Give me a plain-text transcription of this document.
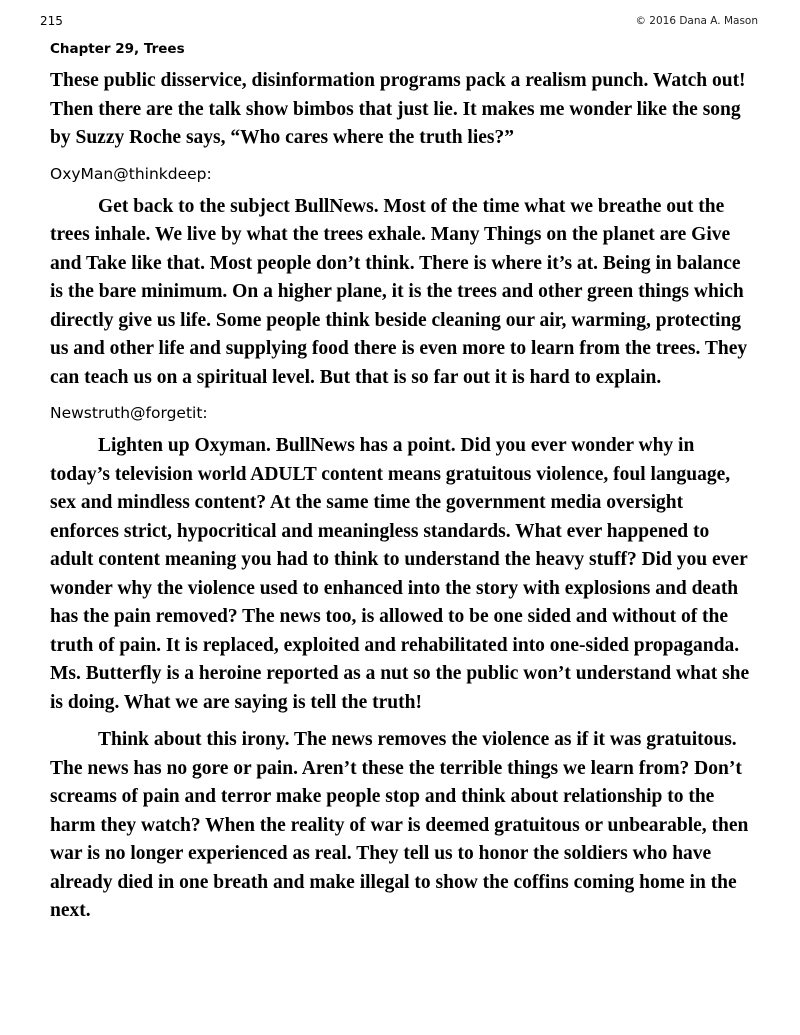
215	© 2016 Dana A. Mason
Chapter 29, Trees

These public disservice, disinformation programs pack a realism punch. Watch out! Then there are the talk show bimbos that just lie. It makes me wonder like the song by Suzzy Roche says, “Who cares where the truth lies?”

OxyMan@thinkdeep:

Get back to the subject BullNews. Most of the time what we breathe out the trees inhale. We live by what the trees exhale. Many Things on the planet are Give and Take like that. Most people don’t think. There is where it’s at. Being in balance is the bare minimum. On a higher plane, it is the trees and other green things which directly give us life. Some people think beside cleaning our air, warming, protecting us and other life and supplying food there is even more to learn from the trees. They can teach us on a spiritual level. But that is so far out it is hard to explain.

Newstruth@forgetit:

Lighten up Oxyman. BullNews has a point. Did you ever wonder why in today’s television world ADULT content means gratuitous violence, foul language, sex and mindless content? At the same time the government media oversight enforces strict, hypocritical and meaningless standards. What ever happened to adult content meaning you had to think to understand the heavy stuff? Did you ever wonder why the violence used to enhanced into the story with explosions and death has the pain removed? The news too, is allowed to be one sided and without of the truth of pain. It is replaced, exploited and rehabilitated into one-sided propaganda. Ms. Butterfly is a heroine reported as a nut so the public won’t understand what she is doing. What we are saying is tell the truth!

Think about this irony. The news removes the violence as if it was gratuitous. The news has no gore or pain. Aren’t these the terrible things we learn from? Don’t screams of pain and terror make people stop and think about relationship to the harm they watch? When the reality of war is deemed gratuitous or unbearable, then war is no longer experienced as real. They tell us to honor the soldiers who have already died in one breath and make illegal to show the coffins coming home in the next.
